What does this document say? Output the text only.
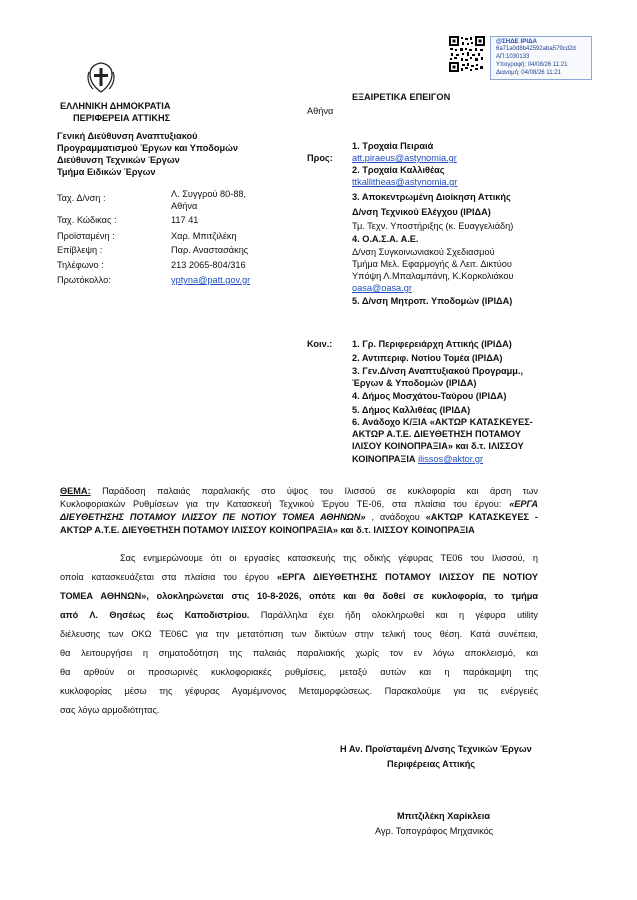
@ΣΗΔΕ ΙΡΙΔΑ
6a71a0d8b42592aba579cd2d
ΑΠ:1030133
Υπογραφή: 04/08/26 11:21
Διανομή: 04/08/26 11:21
ΕΛΛΗΝΙΚΗ ΔΗΜΟΚΡΑΤΙΑ
ΠΕΡΙΦΕΡΕΙΑ ΑΤΤΙΚΗΣ
Γενική Διεύθυνση Αναπτυξιακού
Προγραμματισμού Έργων και Υποδομών
Διεύθυνση Τεχνικών Έργων
Τμήμα Ειδικών Έργων
ΕΞΑΙΡΕΤΙΚΑ ΕΠΕΙΓΟΝ
Αθήνα
Ταχ. Δ/νση :	Λ. Συγγρού 80-88,
Αθήνα
Ταχ. Κώδικας :	117 41
Προϊσταμένη :	Χαρ. Μπιτζιλέκη
Επίβλεψη :	Παρ. Αναστασάκης
Τηλέφωνο :	213 2065-804/316
Πρωτόκολλο:	yptyna@patt.gov.gr
Προς:
1. Τροχαία Πειραιά
att.piraeus@astynomia.gr
2. Τροχαία Καλλιθέας
ttkallitheas@astynomia.gr
3. Αποκεντρωμένη Διοίκηση Αττικής
Δ/νση Τεχνικού Ελέγχου (ΙΡΙΔΑ)
Τμ. Τεχν. Υποστήριξης (κ. Ευαγγελιάδη)
4. Ο.Α.Σ.Α. Α.Ε.
Δ/νση Συγκοινωνιακού Σχεδιασμού
Τμήμα Μελ. Εφαρμογής & Λειτ. Δικτύου
Υπόψη Λ.Μπαλαμπάνη, Κ.Κορκολιάκου
oasa@oasa.gr
5. Δ/νση Μητροπ. Υποδομών (ΙΡΙΔΑ)
Κοιν.: 1. Γρ. Περιφερειάρχη Αττικής (ΙΡΙΔΑ)
2. Αντιπεριφ. Νοτίου Τομέα (ΙΡΙΔΑ)
3. Γεν.Δ/νση Αναπτυξιακού Προγραμμ.,
Έργων & Υποδομών (ΙΡΙΔΑ)
4. Δήμος Μοσχάτου-Ταύρου (ΙΡΙΔΑ)
5. Δήμος Καλλιθέας (ΙΡΙΔΑ)
6. Ανάδοχο Κ/ΞΙΑ «ΑΚΤΩΡ ΚΑΤΑΣΚΕΥΕΣ-
ΑΚΤΩΡ Α.Τ.Ε. ΔΙΕΥΘΕΤΗΣΗ ΠΟΤΑΜΟΥ
ΙΛΙΣΟΥ ΚΟΙΝΟΠΡΑΞΙΑ» και δ.τ. ΙΛΙΣΣΟΥ
ΚΟΙΝΟΠΡΑΞΙΑ ilissos@aktor.gr
ΘΕΜΑ: Παράδοση παλαιάς παραλιακής στο ύψος του Ιλισσού σε κυκλοφορία και άρση των
Κυκλοφοριακών Ρυθμίσεων για την Κατασκευή Τεχνικού Έργου ΤΕ-06, στα πλαίσια του έργου: «ΕΡΓΑ
ΔΙΕΥΘΕΤΗΣΗΣ ΠΟΤΑΜΟΥ ΙΛΙΣΣΟΥ ΠΕ ΝΟΤΙΟΥ ΤΟΜΕΑ ΑΘΗΝΩΝ» , ανάδοχου «ΑΚΤΩΡ ΚΑΤΑΣΚΕΥΕΣ -
ΑΚΤΩΡ Α.Τ.Ε. ΔΙΕΥΘΕΤΗΣΗ ΠΟΤΑΜΟΥ ΙΛΙΣΣΟΥ ΚΟΙΝΟΠΡΑΞΙΑ» και δ.τ. ΙΛΙΣΣΟΥ ΚΟΙΝΟΠΡΑΞΙΑ
Σας ενημερώνουμε ότι οι εργασίες κατασκευής της οδικής γέφυρας ΤΕ06 του Ιλισσού, η
οποία κατασκευάζεται στα πλαίσια του έργου «ΕΡΓΑ ΔΙΕΥΘΕΤΗΣΗΣ ΠΟΤΑΜΟΥ ΙΛΙΣΣΟΥ ΠΕ ΝΟΤΙΟΥ
ΤΟΜΕΑ ΑΘΗΝΩΝ», ολοκληρώνεται στις 10-8-2026, οπότε και θα δοθεί σε κυκλοφορία, το τμήμα
από Λ. Θησέως έως Καποδιστρίου. Παράλληλα έχει ήδη ολοκληρωθεί και η γέφυρα utility
διέλευσης των ΟΚΩ ΤΕ06C για την μετατόπιση των δικτύων στην τελική τους θέση. Κατά συνέπεια,
θα λειτουργήσει η σηματοδότηση της παλαιάς παραλιακής χωρίς τον εν λόγω αποκλεισμό, και
θα αρθούν οι προσωρινές κυκλοφοριακές ρυθμίσεις, μεταξύ αυτών και η παράκαμψη της
κυκλοφορίας μέσω της γέφυρας Αγαμέμνονος Μεταμορφώσεως. Παρακαλούμε για τις ενέργειές
σας λόγω αρμοδιότητας.
Η Αν. Προϊσταμένη Δ/νσης Τεχνικών Έργων
Περιφέρειας Αττικής
Μπιτζιλέκη Χαρίκλεια
Αγρ. Τοπογράφος Μηχανικός
